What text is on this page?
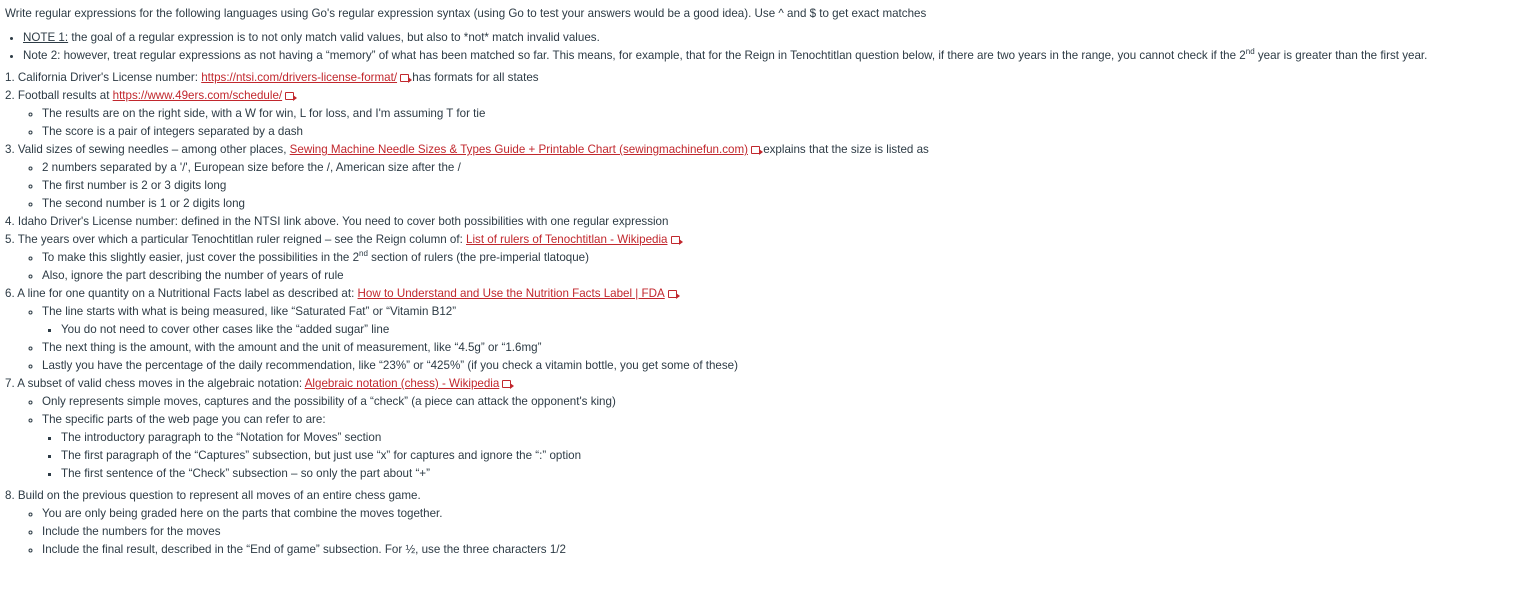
Write regular expressions for the following languages using Go's regular expression syntax (using Go to test your answers would be a good idea). Use ^ and $ to get exact matches

• NOTE 1: the goal of a regular expression is to not only match valid values, but also to *not* match invalid values.
• Note 2: however, treat regular expressions as not having a “memory” of what has been matched so far. This means, for example, that for the Reign in Tenochtitlan question below, if there are two years in the range, you cannot check if the 2nd year is greater than the first year.
1. California Driver's License number: https://ntsi.com/drivers-license-format/ has formats for all states
2. Football results at https://www.49ers.com/schedule/
◦ The results are on the right side, with a W for win, L for loss, and I'm assuming T for tie
◦ The score is a pair of integers separated by a dash
3. Valid sizes of sewing needles – among other places, Sewing Machine Needle Sizes & Types Guide + Printable Chart (sewingmachinefun.com) explains that the size is listed as
◦ 2 numbers separated by a '/', European size before the /, American size after the /
◦ The first number is 2 or 3 digits long
◦ The second number is 1 or 2 digits long
4. Idaho Driver's License number: defined in the NTSI link above. You need to cover both possibilities with one regular expression
5. The years over which a particular Tenochtitlan ruler reigned – see the Reign column of: List of rulers of Tenochtitlan - Wikipedia
◦ To make this slightly easier, just cover the possibilities in the 2nd section of rulers (the pre-imperial tlatoque)
◦ Also, ignore the part describing the number of years of rule
6. A line for one quantity on a Nutritional Facts label as described at: How to Understand and Use the Nutrition Facts Label | FDA
◦ The line starts with what is being measured, like “Saturated Fat” or “Vitamin B12”
▪ You do not need to cover other cases like the “added sugar” line
◦ The next thing is the amount, with the amount and the unit of measurement, like “4.5g” or “1.6mg”
◦ Lastly you have the percentage of the daily recommendation, like “23%” or “425%” (if you check a vitamin bottle, you get some of these)
7. A subset of valid chess moves in the algebraic notation: Algebraic notation (chess) - Wikipedia
◦ Only represents simple moves, captures and the possibility of a “check” (a piece can attack the opponent's king)
◦ The specific parts of the web page you can refer to are:
▪ The introductory paragraph to the “Notation for Moves” section
▪ The first paragraph of the “Captures” subsection, but just use “x” for captures and ignore the “:” option
▪ The first sentence of the “Check” subsection – so only the part about “+”
8. Build on the previous question to represent all moves of an entire chess game.
◦ You are only being graded here on the parts that combine the moves together.
◦ Include the numbers for the moves
◦ Include the final result, described in the “End of game” subsection. For ½, use the three characters 1/2
